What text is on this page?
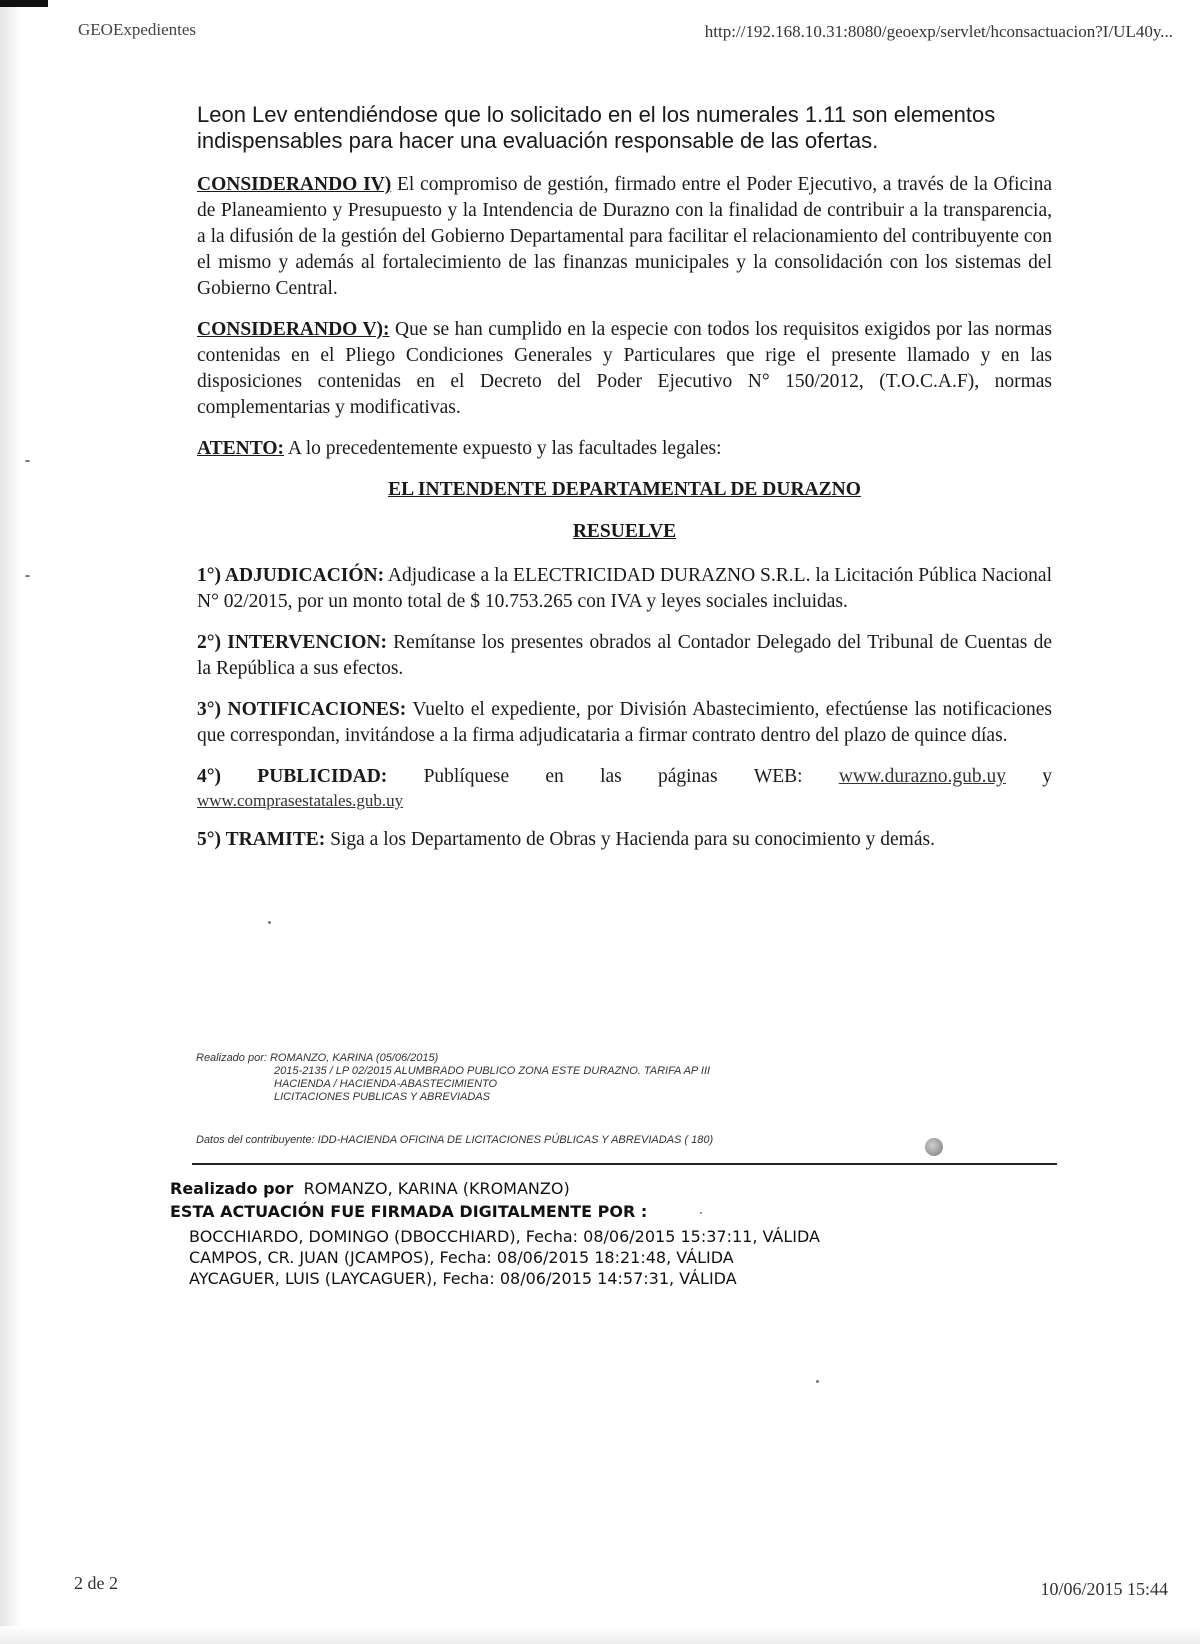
GEOExpedientes	http://192.168.10.31:8080/geoexp/servlet/hconsactuacion?I/UL40y...

Leon Lev entendiéndose que lo solicitado en el los numerales 1.11 son elementos indispensables para hacer una evaluación responsable de las ofertas.

CONSIDERANDO IV) El compromiso de gestión, firmado entre el Poder Ejecutivo, a través de la Oficina de Planeamiento y Presupuesto y la Intendencia de Durazno con la finalidad de contribuir a la transparencia, a la difusión de la gestión del Gobierno Departamental para facilitar el relacionamiento del contribuyente con el mismo y además al fortalecimiento de las finanzas municipales y la consolidación con los sistemas del Gobierno Central.

CONSIDERANDO V): Que se han cumplido en la especie con todos los requisitos exigidos por las normas contenidas en el Pliego Condiciones Generales y Particulares que rige el presente llamado y en las disposiciones contenidas en el Decreto del Poder Ejecutivo N° 150/2012, (T.O.C.A.F), normas complementarias y modificativas.

ATENTO: A lo precedentemente expuesto y las facultades legales:

EL INTENDENTE DEPARTAMENTAL DE DURAZNO
RESUELVE

1°) ADJUDICACIÓN: Adjudicase a la ELECTRICIDAD DURAZNO S.R.L. la Licitación Pública Nacional N° 02/2015, por un monto total de $ 10.753.265 con IVA y leyes sociales incluidas.

2°) INTERVENCION: Remítanse los presentes obrados al Contador Delegado del Tribunal de Cuentas de la República a sus efectos.

3°) NOTIFICACIONES: Vuelto el expediente, por División Abastecimiento, efectúense las notificaciones que correspondan, invitándose a la firma adjudicataria a firmar contrato dentro del plazo de quince días.

4°) PUBLICIDAD: Publíquese en las páginas WEB: www.durazno.gub.uy y
www.comprasestatales.gub.uy

5°) TRAMITE: Siga a los Departamento de Obras y Hacienda para su conocimiento y demás.

Realizado por: ROMANZO, KARINA (05/06/2015)
2015-2135 / LP 02/2015 ALUMBRADO PUBLICO ZONA ESTE DURAZNO. TARIFA AP III
HACIENDA / HACIENDA-ABASTECIMIENTO
LICITACIONES PUBLICAS Y ABREVIADAS
Datos del contribuyente: IDD-HACIENDA OFICINA DE LICITACIONES PÚBLICAS Y ABREVIADAS ( 180)
Realizado por ROMANZO, KARINA (KROMANZO)
ESTA ACTUACIÓN FUE FIRMADA DIGITALMENTE POR :
BOCCHIARDO, DOMINGO (DBOCCHIARD), Fecha: 08/06/2015 15:37:11, VÁLIDA
CAMPOS, CR. JUAN (JCAMPOS), Fecha: 08/06/2015 18:21:48, VÁLIDA
AYCAGUER, LUIS (LAYCAGUER), Fecha: 08/06/2015 14:57:31, VÁLIDA
2 de 2	10/06/2015 15:44
